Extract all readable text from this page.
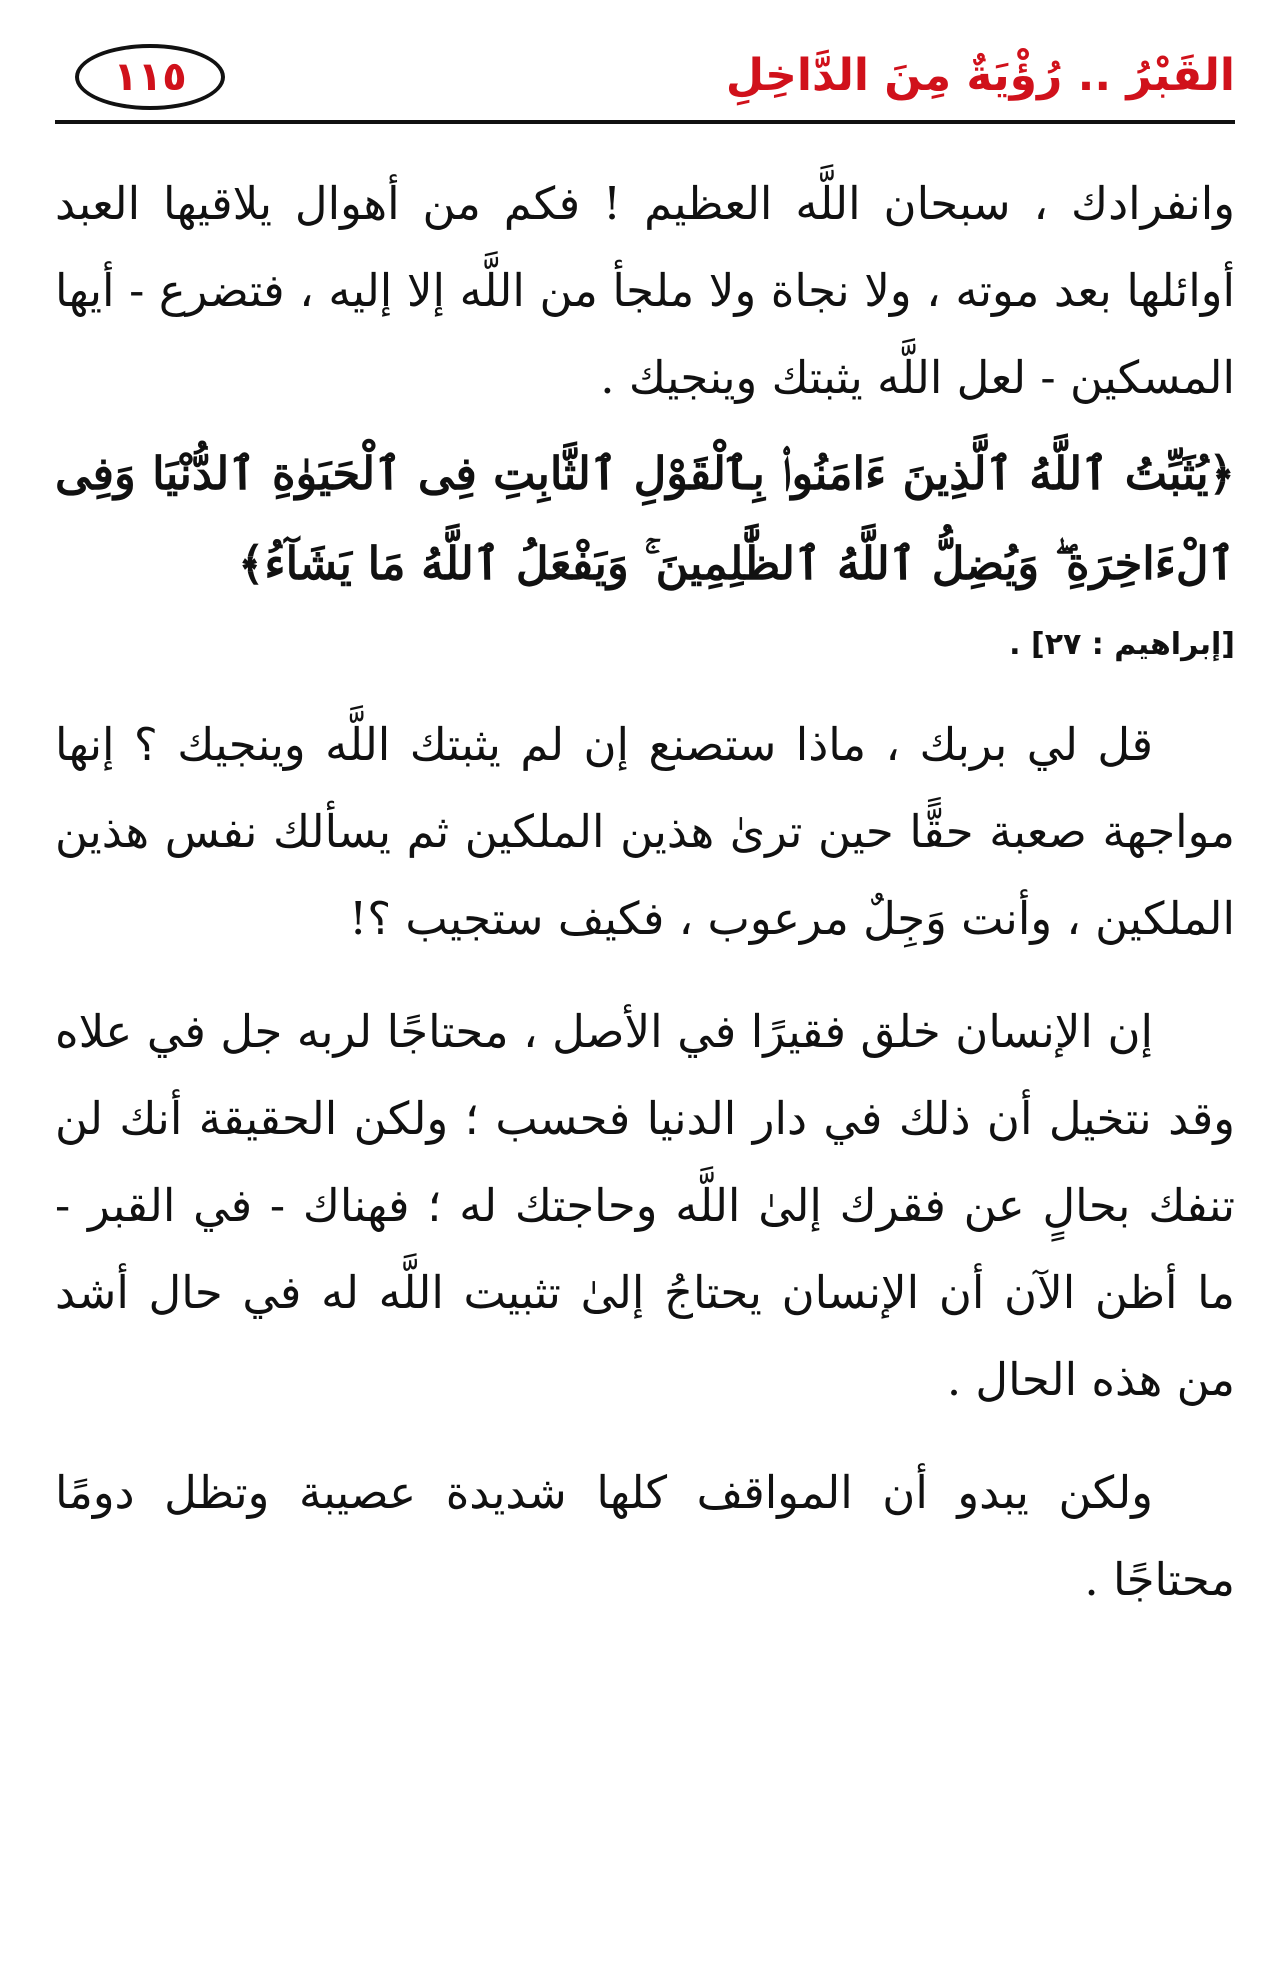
القَبْرُ .. رُؤْيَةٌ مِنَ الدَّاخِلِ
١١٥

وانفرادك ، سبحان اللَّه العظيم ! فكم من أهوال يلاقيها العبد أوائلها بعد موته ، ولا نجاة ولا ملجأ من اللَّه إلا إليه ، فتضرع - أيها المسكين - لعل اللَّه يثبتك وينجيك .

﴿يُثَبِّتُ ٱللَّهُ ٱلَّذِينَ ءَامَنُوا۟ بِٱلْقَوْلِ ٱلثَّابِتِ فِى ٱلْحَيَوٰةِ ٱلدُّنْيَا وَفِى ٱلْءَاخِرَةِ ۖ وَيُضِلُّ ٱللَّهُ ٱلظَّٰلِمِينَ ۚ وَيَفْعَلُ ٱللَّهُ مَا يَشَآءُ﴾

[إبراهيم : ٢٧] .

قل لي بربك ، ماذا ستصنع إن لم يثبتك اللَّه وينجيك ؟ إنها مواجهة صعبة حقًّا حين ترىٰ هذين الملكين ثم يسألك نفس هذين الملكين ، وأنت وَجِلٌ مرعوب ، فكيف ستجيب ؟!

إن الإنسان خلق فقيرًا في الأصل ، محتاجًا لربه جل في علاه وقد نتخيل أن ذلك في دار الدنيا فحسب ؛ ولكن الحقيقة أنك لن تنفك بحالٍ عن فقرك إلىٰ اللَّه وحاجتك له ؛ فهناك - في القبر - ما أظن الآن أن الإنسان يحتاجُ إلىٰ تثبيت اللَّه له في حال أشد من هذه الحال .

ولكن يبدو أن المواقف كلها شديدة عصيبة وتظل دومًا محتاجًا .
